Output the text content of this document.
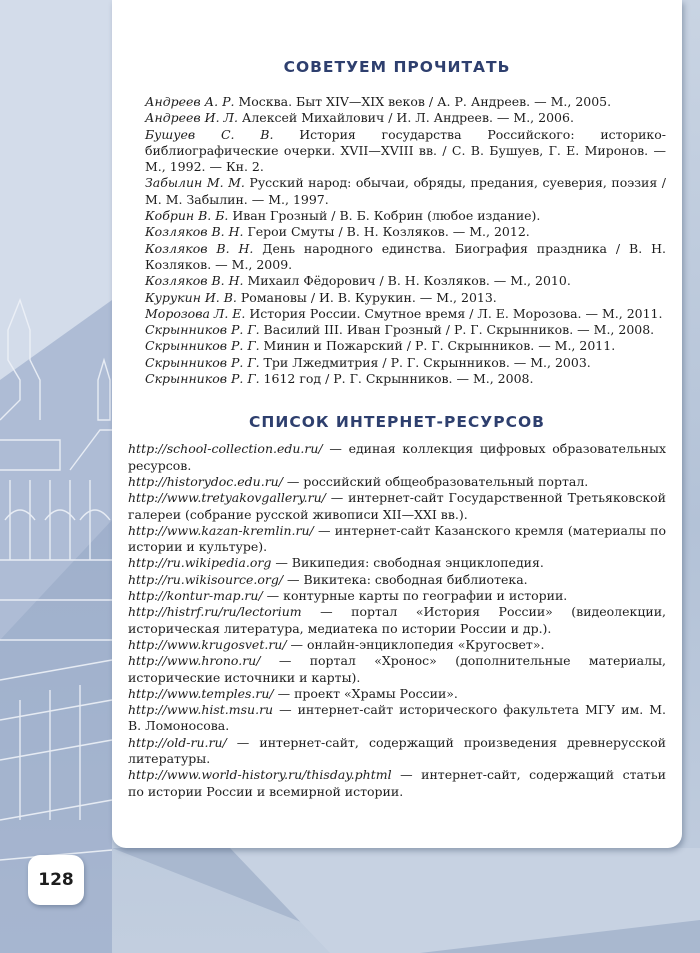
СОВЕТУЕМ ПРОЧИТАТЬ
Андреев А. Р. Москва. Быт XIV—XIX веков / А. Р. Андреев. — М., 2005.
Андреев И. Л. Алексей Михайлович / И. Л. Андреев. — М., 2006.
Бушуев С. В. История государства Российского: историко-библиографические очерки. XVII—XVIII вв. / С. В. Бушуев, Г. Е. Миронов. — М., 1992. — Кн. 2.
Забылин М. М. Русский народ: обычаи, обряды, предания, суеверия, поэзия / М. М. Забылин. — М., 1997.
Кобрин В. Б. Иван Грозный / В. Б. Кобрин (любое издание).
Козляков В. Н. Герои Смуты / В. Н. Козляков. — М., 2012.
Козляков В. Н. День народного единства. Биография праздника / В. Н. Козляков. — М., 2009.
Козляков В. Н. Михаил Фёдорович / В. Н. Козляков. — М., 2010.
Курукин И. В. Романовы / И. В. Курукин. — М., 2013.
Морозова Л. Е. История России. Смутное время / Л. Е. Морозова. — М., 2011.
Скрынников Р. Г. Василий III. Иван Грозный / Р. Г. Скрынников. — М., 2008.
Скрынников Р. Г. Минин и Пожарский / Р. Г. Скрынников. — М., 2011.
Скрынников Р. Г. Три Лжедмитрия / Р. Г. Скрынников. — М., 2003.
Скрынников Р. Г. 1612 год / Р. Г. Скрынников. — М., 2008.
СПИСОК ИНТЕРНЕТ-РЕСУРСОВ
http://school-collection.edu.ru/ — единая коллекция цифровых образовательных ресурсов.
http://historydoc.edu.ru/ — российский общеобразовательный портал.
http://www.tretyakovgallery.ru/ — интернет-сайт Государственной Третьяковской галереи (собрание русской живописи XII—XXI вв.).
http://www.kazan-kremlin.ru/ — интернет-сайт Казанского кремля (материалы по истории и культуре).
http://ru.wikipedia.org — Википедия: свободная энциклопедия.
http://ru.wikisource.org/ — Викитека: свободная библиотека.
http://kontur-map.ru/ — контурные карты по географии и истории.
http://histrf.ru/ru/lectorium — портал «История России» (видеолекции, историческая литература, медиатека по истории России и др.).
http://www.krugosvet.ru/ — онлайн-энциклопедия «Кругосвет».
http://www.hrono.ru/ — портал «Хронос» (дополнительные материалы, исторические источники и карты).
http://www.temples.ru/ — проект «Храмы России».
http://www.hist.msu.ru — интернет-сайт исторического факультета МГУ им. М. В. Ломоносова.
http://old-ru.ru/ — интернет-сайт, содержащий произведения древнерусской литературы.
http://www.world-history.ru/thisday.phtml — интернет-сайт, содержащий статьи по истории России и всемирной истории.
128
